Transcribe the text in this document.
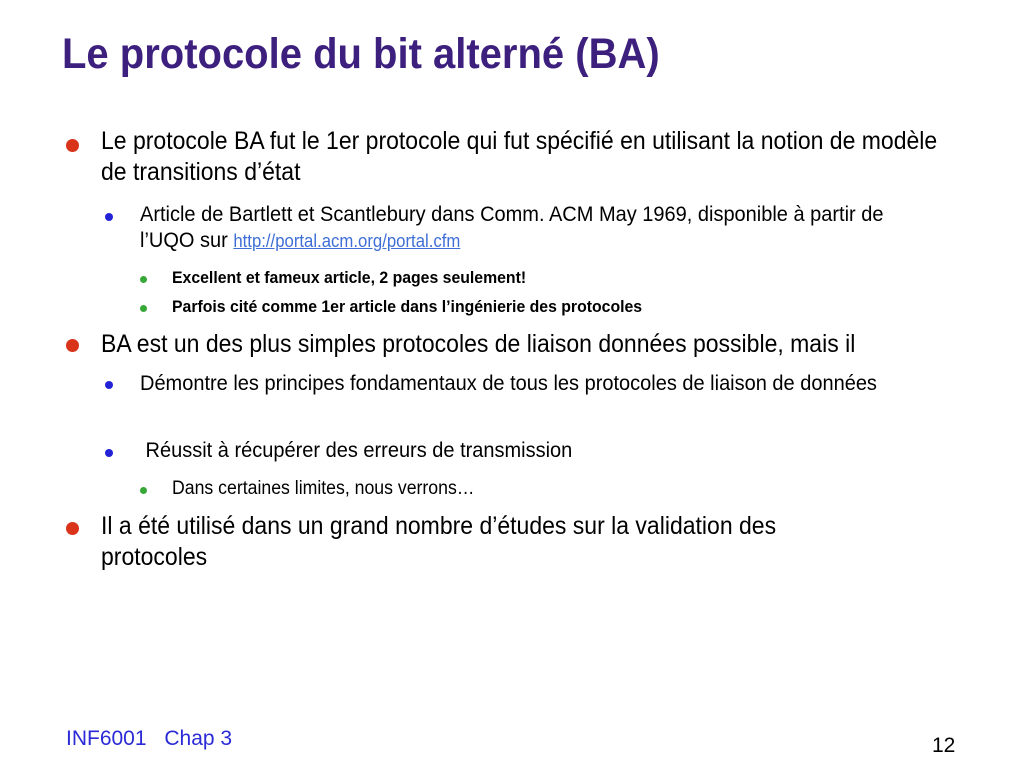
Le protocole du bit alterné (BA)
Le protocole BA fut le 1er protocole qui fut spécifié en utilisant la notion de modèle de transitions d’état
Article de Bartlett et Scantlebury dans Comm. ACM May 1969, disponible à partir de l’UQO sur http://portal.acm.org/portal.cfm
Excellent et fameux article, 2 pages seulement!
Parfois cité comme 1er article dans l’ingénierie des protocoles
BA est un des plus simples protocoles de liaison données possible, mais il
Démontre les principes fondamentaux de tous les protocoles de liaison de données
Réussit à récupérer des erreurs de transmission
Dans certaines limites, nous verrons…
Il a été utilisé dans un grand nombre d’études sur la validation des protocoles
INF6001 Chap 3	12
